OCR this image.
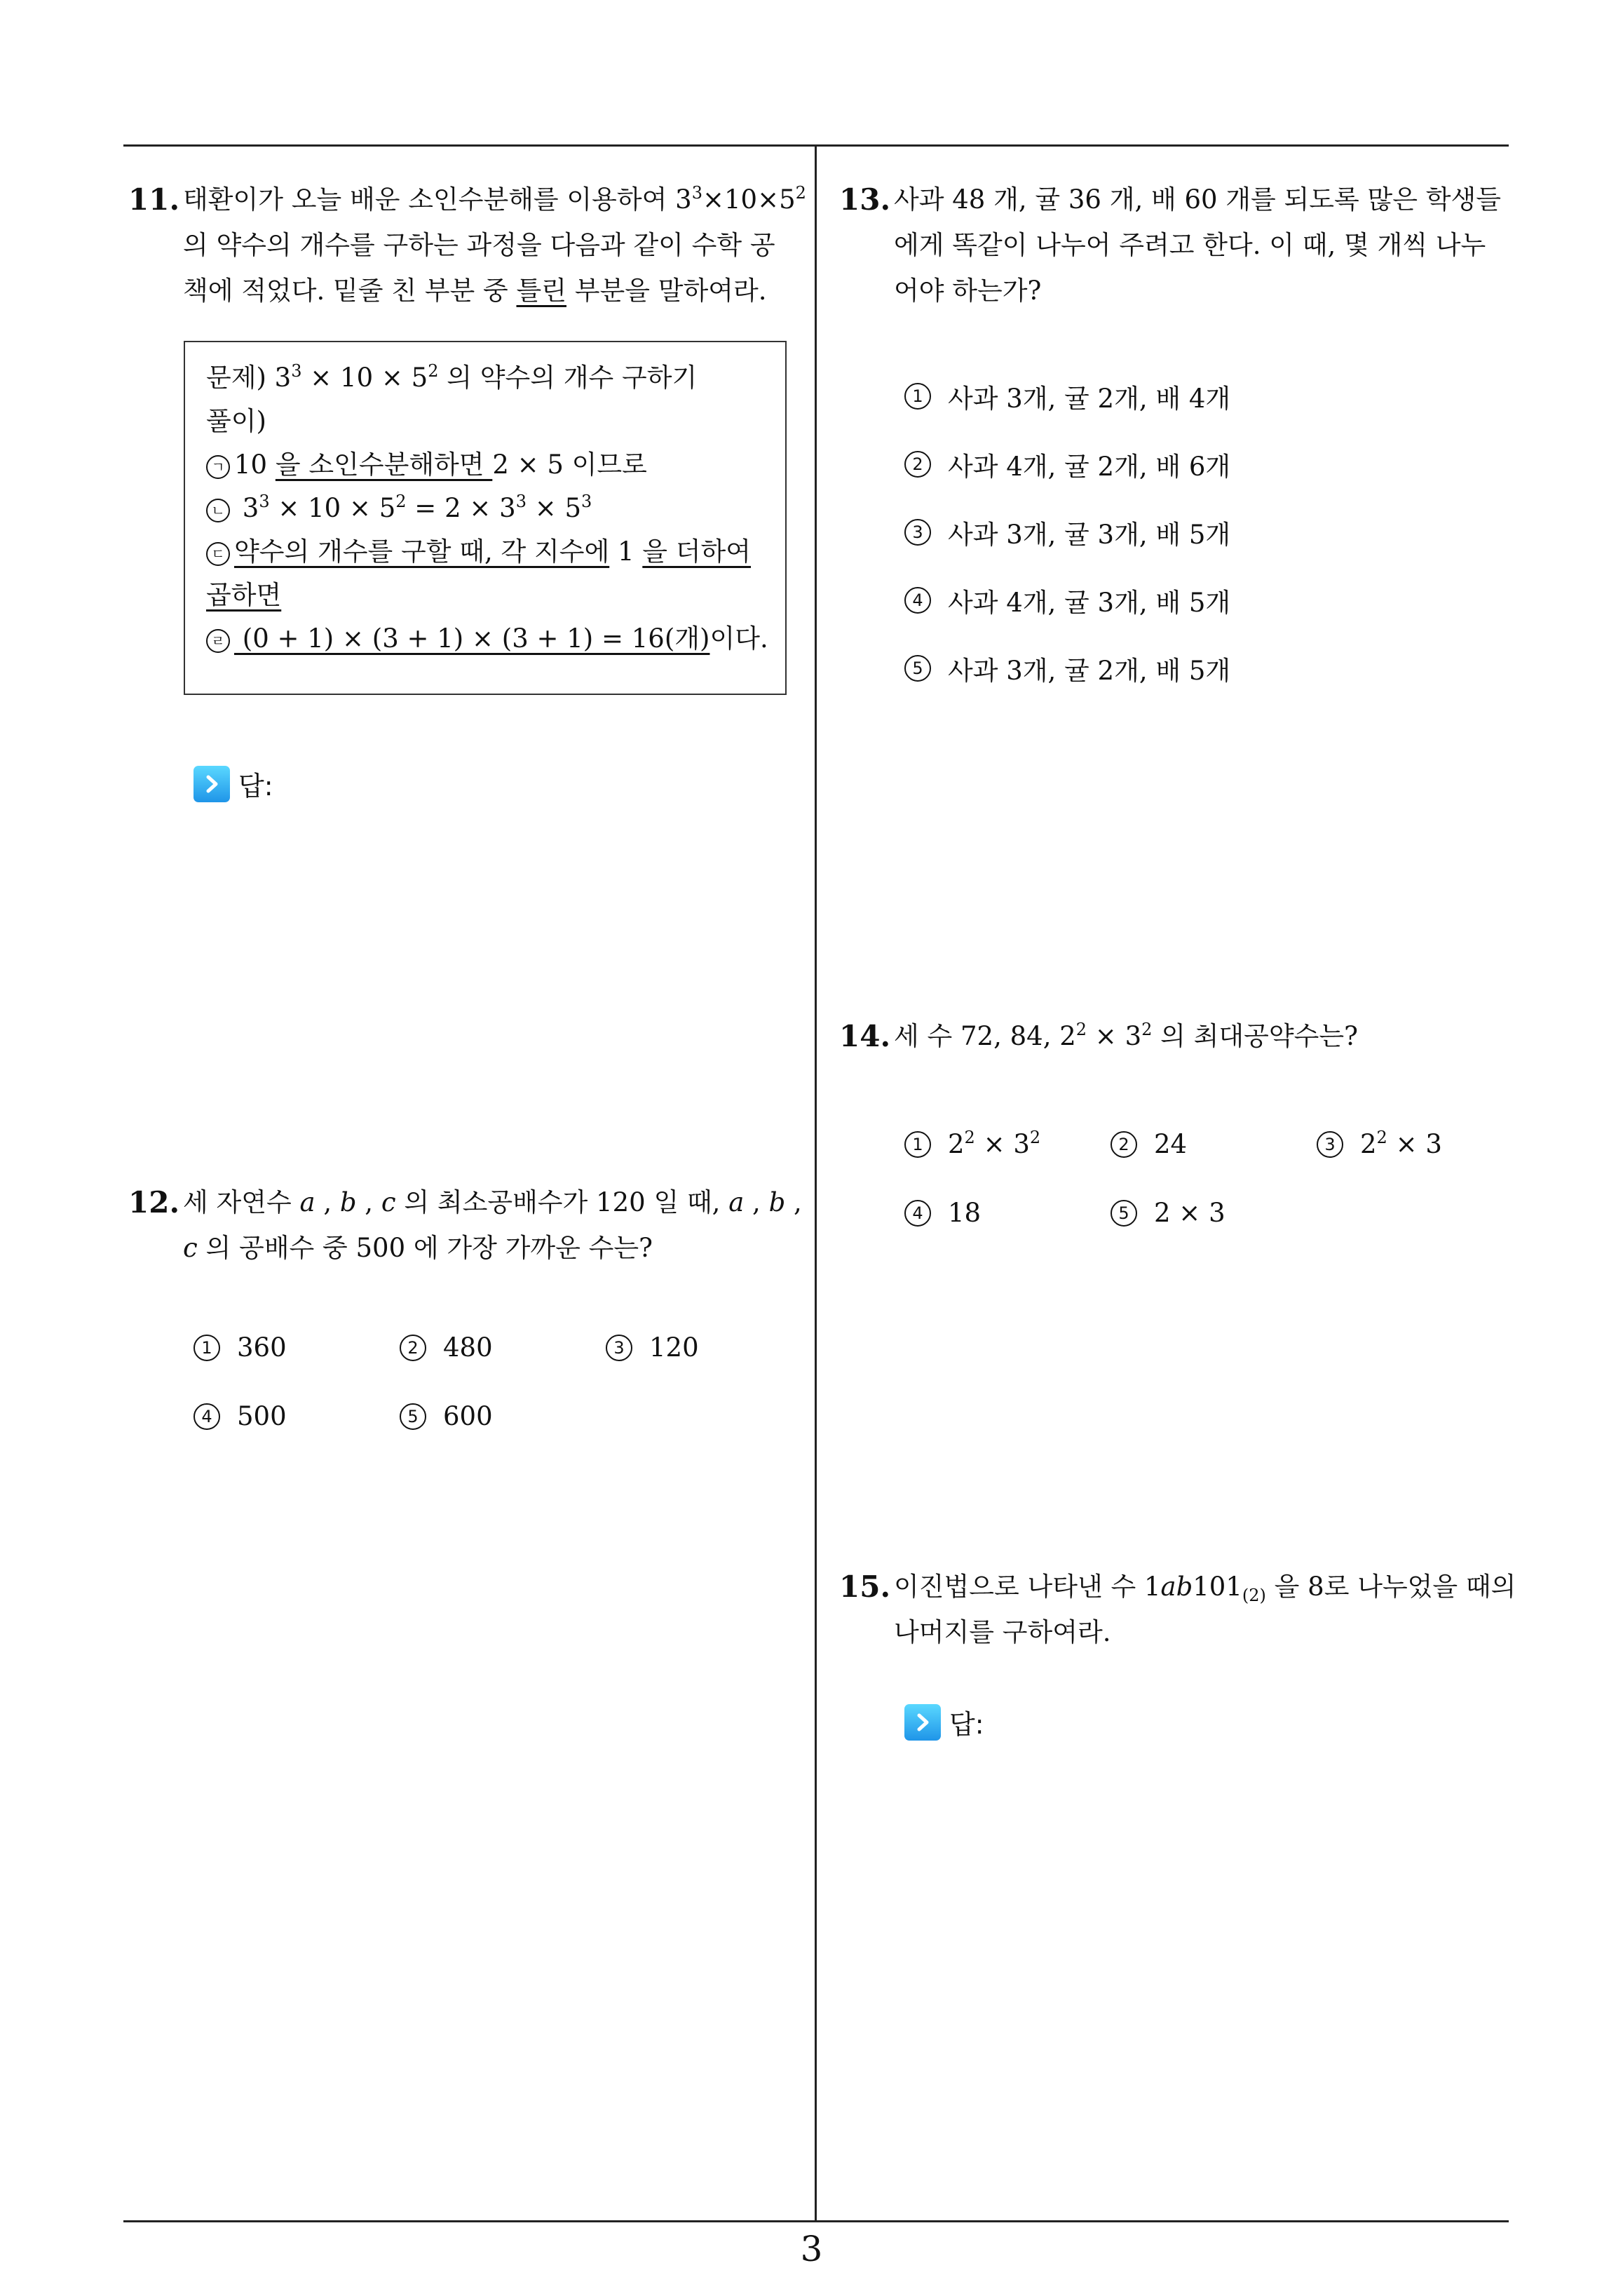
11. 태환이가 오늘 배운 소인수분해를 이용하여 $3^3\times 10\times 5^2$
의 약수의 개수를 구하는 과정을 다음과 같이 수학 공
책에 적었다. 밑줄 친 부분 중 틀린 부분을 말하여라.
문제) $3^3 \times 10 \times 5^2$ 의 약수의 개수 구하기
풀이)
ㄱ 10 을 소인수분해하면 2 × 5 이므로
ㄴ $3^3 \times 10 \times 5^2 = 2 \times 3^3 \times 5^3$
ㄷ 약수의 개수를 구할 때, 각 지수에 1 을 더하여
곱하면
ㄹ (0 + 1) × (3 + 1) × (3 + 1) = 16(개)이다.
답:
12. 세 자연수 a , b , c 의 최소공배수가 120 일 때, a , b ,
c 의 공배수 중 500 에 가장 가까운 수는?
1 360	2 480	3 120
4 500	5 600
13. 사과 48 개, 귤 36 개, 배 60 개를 되도록 많은 학생들
에게 똑같이 나누어 주려고 한다. 이 때, 몇 개씩 나누
어야 하는가?
1 사과 3개, 귤 2개, 배 4개
2 사과 4개, 귤 2개, 배 6개
3 사과 3개, 귤 3개, 배 5개
4 사과 4개, 귤 3개, 배 5개
5 사과 3개, 귤 2개, 배 5개
14. 세 수 72, 84, $2^2 \times 3^2$ 의 최대공약수는?
1 $2^2 \times 3^2$	2 24	3 $2^2 \times 3$
4 18	5 2 × 3
15. 이진법으로 나타낸 수 $1ab101_{(2)}$ 을 8로 나누었을 때의
나머지를 구하여라.
답:
3
